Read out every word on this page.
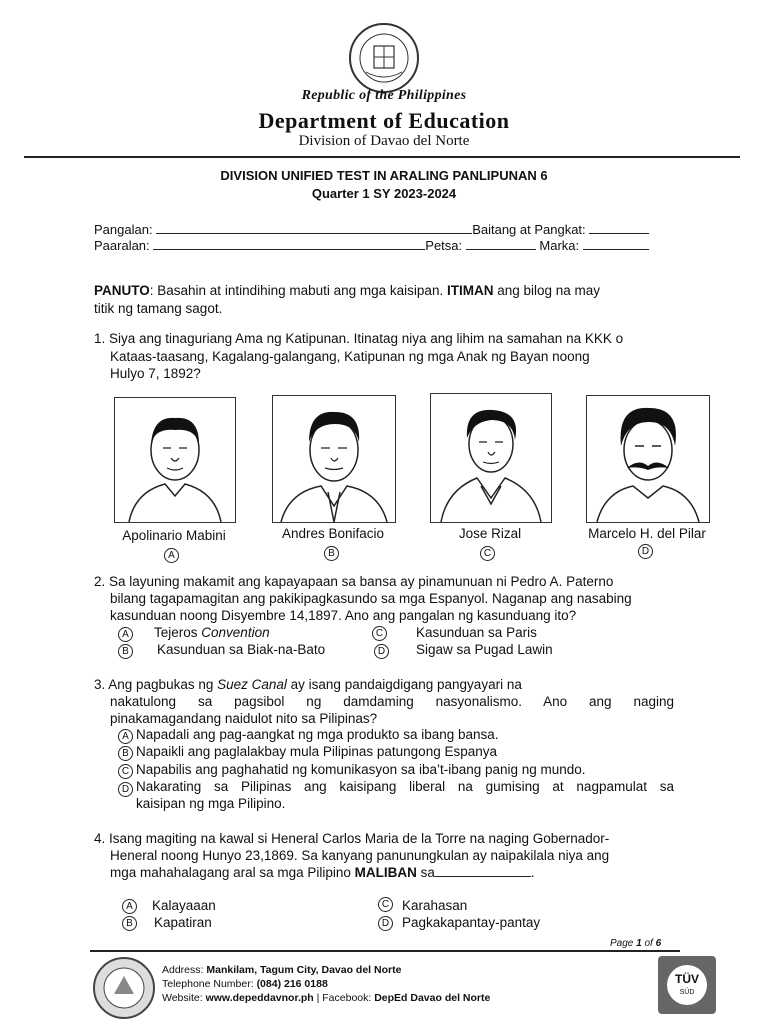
Republic of the Philippines
Department of Education
Division of Davao del Norte
DIVISION UNIFIED TEST IN ARALING PANLIPUNAN 6
Quarter 1 SY 2023-2024
Pangalan:	Baitang at Pangkat:
Paaralan:	Petsa:	Marka:
PANUTO: Basahin at intindihing mabuti ang mga kaisipan. ITIMAN ang bilog na may
titik ng tamang sagot.
1. Siya ang tinaguriang Ama ng Katipunan. Itinatag niya ang lihim na samahan na KKK o
Kataas-taasang, Kagalang-galangang, Katipunan ng mga Anak ng Bayan noong
Hulyo 7, 1892?
Apolinario Mabini	Andres Bonifacio	Jose Rizal	Marcelo H. del Pilar
A	B	C	D
2. Sa layuning makamit ang kapayapaan sa bansa ay pinamunuan ni Pedro A. Paterno
bilang tagapamagitan ang pakikipagkasundo sa mga Espanyol. Naganap ang nasabing
kasunduan noong Disyembre 14,1897. Ano ang pangalan ng kasunduang ito?
A	Tejeros Convention
B	Kasunduan sa Biak-na-Bato
C Kasunduan sa Paris
D Sigaw sa Pugad Lawin
3. Ang pagbukas ng Suez Canal ay isang pandaigdigang pangyayari na
nakatulong sa pagsibol ng damdaming nasyonalismo. Ano ang naging
pinakamagandang naidulot nito sa Pilipinas?
A Napadali ang pag-aangkat ng mga produkto sa ibang bansa.
B Napaikli ang paglalakbay mula Pilipinas patungong Espanya
C Napabilis ang paghahatid ng komunikasyon sa iba’t-ibang panig ng mundo.
D Nakarating sa Pilipinas ang kaisipang liberal na gumising at nagpamulat sa
kaisipan ng mga Pilipino.
4. Isang magiting na kawal si Heneral Carlos Maria de la Torre na naging Gobernador-
Heneral noong Hunyo 23,1869. Sa kanyang panunungkulan ay naipakilala niya ang
mga mahahalagang aral sa mga Pilipino MALIBAN sa	.
A	Kalayaaan
B	Kapatiran
C Karahasan
D Pagkakapantay-pantay
Page 1 of 6
Address: Mankilam, Tagum City, Davao del Norte
Telephone Number: (084) 216 0188
Website: www.depeddavnor.ph | Facebook: DepEd Davao del Norte
TÜV
SÜD
